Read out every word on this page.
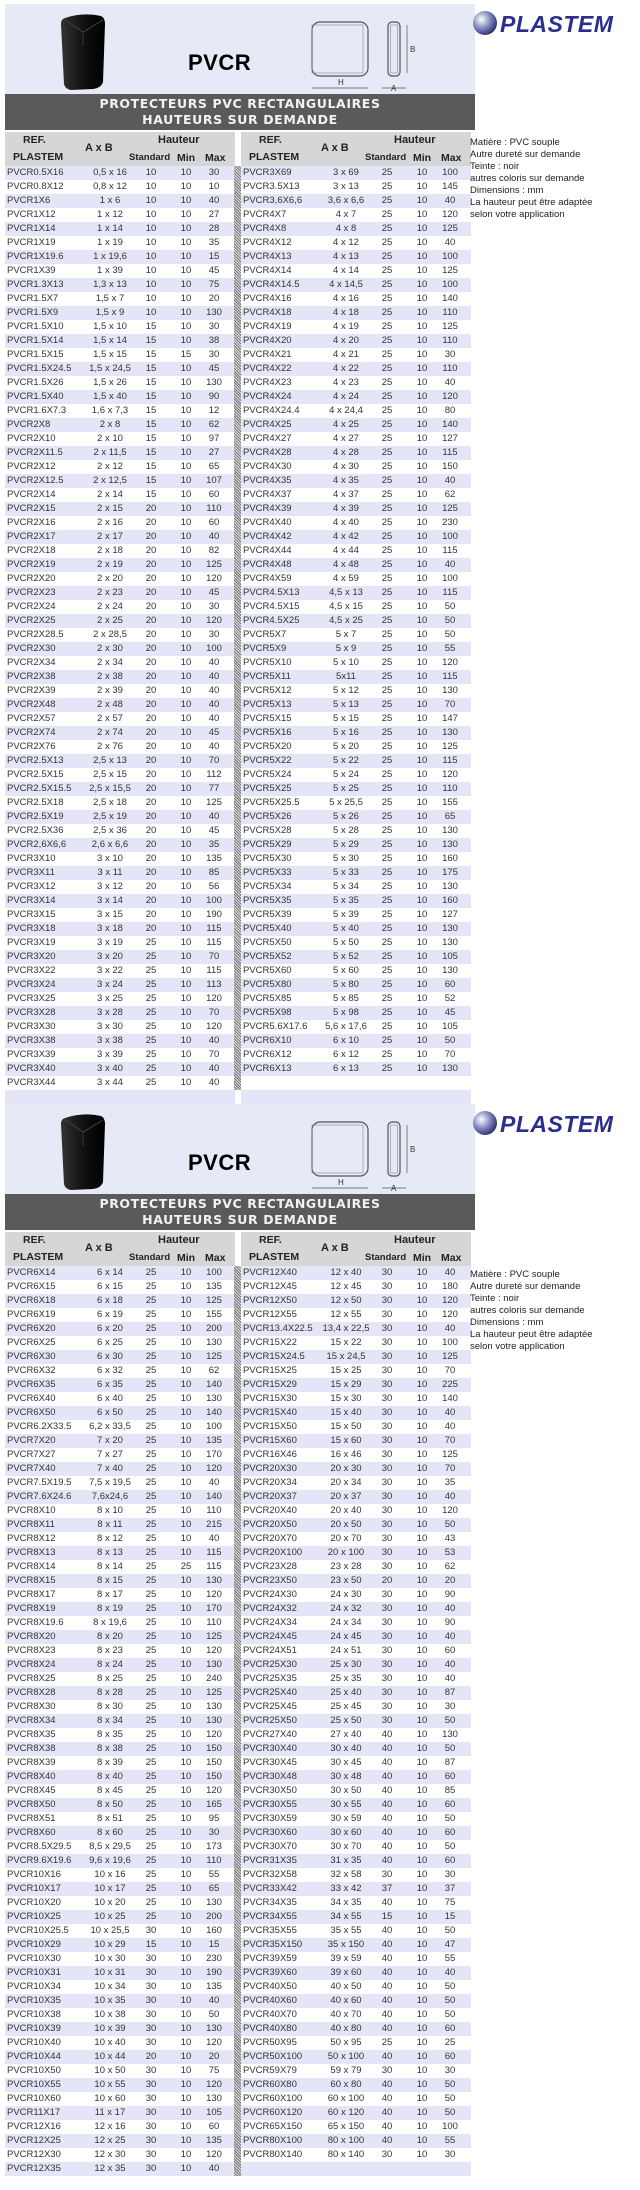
PVCR
H
B
A
PLASTEM
PROTECTEURS PVC RECTANGULAIRES
HAUTEURS SUR DEMANDE
REF.
PLASTEM
A x B
Hauteur
Standard Min Max
PVCR0.5X16	0,5 x 16	10	10	30
PVCR0.8X12	0,8 x 12	10	10	10
PVCR1X6	1 x 6	10	10	40
PVCR1X12	1 x 12	10	10	27
PVCR1X14	1 x 14	10	10	28
PVCR1X19	1 x 19	10	10	35
PVCR1X19.6	1 x 19,6	10	10	15
PVCR1X39	1 x 39	10	10	45
PVCR1.3X13	1,3 x 13	10	10	75
PVCR1.5X7	1,5 x 7	10	10	20
PVCR1.5X9	1,5 x 9	10	10	130
PVCR1.5X10	1,5 x 10	15	10	30
PVCR1.5X14	1,5 x 14	15	10	38
PVCR1.5X15	1,5 x 15	15	15	30
PVCR1.5X24.5	1,5 x 24,5	15	10	45
PVCR1.5X26	1,5 x 26	15	10	130
PVCR1.5X40	1,5 x 40	15	10	90
PVCR1.6X7.3	1,6 x 7,3	15	10	12
PVCR2X8	2 x 8	15	10	62
PVCR2X10	2 x 10	15	10	97
PVCR2X11.5	2 x 11,5	15	10	27
PVCR2X12	2 x 12	15	10	65
PVCR2X12.5	2 x 12,5	15	10	107
PVCR2X14	2 x 14	15	10	60
PVCR2X15	2 x 15	20	10	110
PVCR2X16	2 x 16	20	10	60
PVCR2X17	2 x 17	20	10	40
PVCR2X18	2 x 18	20	10	82
PVCR2X19	2 x 19	20	10	125
PVCR2X20	2 x 20	20	10	120
PVCR2X23	2 x 23	20	10	45
PVCR2X24	2 x 24	20	10	30
PVCR2X25	2 x 25	20	10	120
PVCR2X28.5	2 x 28,5	20	10	30
PVCR2X30	2 x 30	20	10	100
PVCR2X34	2 x 34	20	10	40
PVCR2X38	2 x 38	20	10	40
PVCR2X39	2 x 39	20	10	40
PVCR2X48	2 x 48	20	10	40
PVCR2X57	2 x 57	20	10	40
PVCR2X74	2 x 74	20	10	45
PVCR2X76	2 x 76	20	10	40
PVCR2.5X13	2,5 x 13	20	10	70
PVCR2.5X15	2,5 x 15	20	10	112
PVCR2.5X15.5	2,5 x 15,5	20	10	77
PVCR2.5X18	2,5 x 18	20	10	125
PVCR2.5X19	2,5 x 19	20	10	40
PVCR2.5X36	2,5 x 36	20	10	45
PVCR2,6X6,6	2,6 x 6,6	20	10	35
PVCR3X10	3 x 10	20	10	135
PVCR3X11	3 x 11	20	10	85
PVCR3X12	3 x 12	20	10	56
PVCR3X14	3 x 14	20	10	100
PVCR3X15	3 x 15	20	10	190
PVCR3X18	3 x 18	20	10	115
PVCR3X19	3 x 19	25	10	115
PVCR3X20	3 x 20	25	10	70
PVCR3X22	3 x 22	25	10	115
PVCR3X24	3 x 24	25	10	113
PVCR3X25	3 x 25	25	10	120
PVCR3X28	3 x 28	25	10	70
PVCR3X30	3 x 30	25	10	120
PVCR3X38	3 x 38	25	10	40
PVCR3X39	3 x 39	25	10	70
PVCR3X40	3 x 40	25	10	40
PVCR3X44	3 x 44	25	10	40
REF.
PLASTEM
A x B
Hauteur
Standard Min Max
PVCR3X69	3 x 69	25	10	100
PVCR3.5X13	3 x 13	25	10	145
PVCR3,6X6,6	3,6 x 6,6	25	10	40
PVCR4X7	4 x 7	25	10	120
PVCR4X8	4 x 8	25	10	125
PVCR4X12	4 x 12	25	10	40
PVCR4X13	4 x 13	25	10	100
PVCR4X14	4 x 14	25	10	125
PVCR4X14.5	4 x 14,5	25	10	100
PVCR4X16	4 x 16	25	10	140
PVCR4X18	4 x 18	25	10	110
PVCR4X19	4 x 19	25	10	125
PVCR4X20	4 x 20	25	10	110
PVCR4X21	4 x 21	25	10	30
PVCR4X22	4 x 22	25	10	110
PVCR4X23	4 x 23	25	10	40
PVCR4X24	4 x 24	25	10	120
PVCR4X24.4	4 x 24,4	25	10	80
PVCR4X25	4 x 25	25	10	140
PVCR4X27	4 x 27	25	10	127
PVCR4X28	4 x 28	25	10	115
PVCR4X30	4 x 30	25	10	150
PVCR4X35	4 x 35	25	10	40
PVCR4X37	4 x 37	25	10	62
PVCR4X39	4 x 39	25	10	125
PVCR4X40	4 x 40	25	10	230
PVCR4X42	4 x 42	25	10	100
PVCR4X44	4 x 44	25	10	115
PVCR4X48	4 x 48	25	10	40
PVCR4X59	4 x 59	25	10	100
PVCR4.5X13	4,5 x 13	25	10	115
PVCR4.5X15	4,5 x 15	25	10	50
PVCR4.5X25	4,5 x 25	25	10	50
PVCR5X7	5 x 7	25	10	50
PVCR5X9	5 x 9	25	10	55
PVCR5X10	5 x 10	25	10	120
PVCR5X11	5x11	25	10	115
PVCR5X12	5 x 12	25	10	130
PVCR5X13	5 x 13	25	10	70
PVCR5X15	5 x 15	25	10	147
PVCR5X16	5 x 16	25	10	130
PVCR5X20	5 x 20	25	10	125
PVCR5X22	5 x 22	25	10	115
PVCR5X24	5 x 24	25	10	120
PVCR5X25	5 x 25	25	10	110
PVCR5X25.5	5 x 25,5	25	10	155
PVCR5X26	5 x 26	25	10	65
PVCR5X28	5 x 28	25	10	130
PVCR5X29	5 x 29	25	10	130
PVCR5X30	5 x 30	25	10	160
PVCR5X33	5 x 33	25	10	175
PVCR5X34	5 x 34	25	10	130
PVCR5X35	5 x 35	25	10	160
PVCR5X39	5 x 39	25	10	127
PVCR5X40	5 x 40	25	10	130
PVCR5X50	5 x 50	25	10	130
PVCR5X52	5 x 52	25	10	105
PVCR5X60	5 x 60	25	10	130
PVCR5X80	5 x 80	25	10	60
PVCR5X85	5 x 85	25	10	52
PVCR5X98	5 x 98	25	10	45
PVCR5.6X17.6	5,6 x 17,6	25	10	105
PVCR6X10	6 x 10	25	10	50
PVCR6X12	6 x 12	25	10	70
PVCR6X13	6 x 13	25	10	130
Matière : PVC souple
Autre dureté sur demande
Teinte : noir
autres coloris sur demande
Dimensions : mm
La hauteur peut être adaptée
selon votre application
PVCR
H
B
A
PLASTEM
PROTECTEURS PVC RECTANGULAIRES
HAUTEURS SUR DEMANDE
REF.
PLASTEM
A x B
Hauteur
Standard Min Max
PVCR6X14	6 x 14	25	10	100
PVCR6X15	6 x 15	25	10	135
PVCR6X18	6 x 18	25	10	125
PVCR6X19	6 x 19	25	10	155
PVCR6X20	6 x 20	25	10	200
PVCR6X25	6 x 25	25	10	130
PVCR6X30	6 x 30	25	10	125
PVCR6X32	6 x 32	25	10	62
PVCR6X35	6 x 35	25	10	140
PVCR6X40	6 x 40	25	10	130
PVCR6X50	6 x 50	25	10	140
PVCR6.2X33.5	6,2 x 33,5	25	10	100
PVCR7X20	7 x 20	25	10	135
PVCR7X27	7 x 27	25	10	170
PVCR7X40	7 x 40	25	10	120
PVCR7.5X19.5	7,5 x 19,5	25	10	40
PVCR7.6X24.6	7,6x24,6	25	10	140
PVCR8X10	8 x 10	25	10	110
PVCR8X11	8 x 11	25	10	215
PVCR8X12	8 x 12	25	10	40
PVCR8X13	8 x 13	25	10	115
PVCR8X14	8 x 14	25	25	115
PVCR8X15	8 x 15	25	10	130
PVCR8X17	8 x 17	25	10	120
PVCR8X19	8 x 19	25	10	170
PVCR8X19.6	8 x 19,6	25	10	110
PVCR8X20	8 x 20	25	10	125
PVCR8X23	8 x 23	25	10	120
PVCR8X24	8 x 24	25	10	130
PVCR8X25	8 x 25	25	10	240
PVCR8X28	8 x 28	25	10	125
PVCR8X30	8 x 30	25	10	130
PVCR8X34	8 x 34	25	10	130
PVCR8X35	8 x 35	25	10	120
PVCR8X38	8 x 38	25	10	150
PVCR8X39	8 x 39	25	10	150
PVCR8X40	8 x 40	25	10	150
PVCR8X45	8 x 45	25	10	120
PVCR8X50	8 x 50	25	10	165
PVCR8X51	8 x 51	25	10	95
PVCR8X60	8 x 60	25	10	30
PVCR8.5X29.5	8,5 x 29,5	25	10	173
PVCR9.6X19.6	9,6 x 19,6	25	10	110
PVCR10X16	10 x 16	25	10	55
PVCR10X17	10 x 17	25	10	65
PVCR10X20	10 x 20	25	10	130
PVCR10X25	10 x 25	25	10	200
PVCR10X25.5	10 x 25,5	30	10	160
PVCR10X29	10 x 29	15	10	15
PVCR10X30	10 x 30	30	10	230
PVCR10X31	10 x 31	30	10	190
PVCR10X34	10 x 34	30	10	135
PVCR10X35	10 x 35	30	10	40
PVCR10X38	10 x 38	30	10	50
PVCR10X39	10 x 39	30	10	130
PVCR10X40	10 x 40	30	10	120
PVCR10X44	10 x 44	20	10	20
PVCR10X50	10 x 50	30	10	75
PVCR10X55	10 x 55	30	10	120
PVCR10X60	10 x 60	30	10	130
PVCR11X17	11 x 17	30	10	105
PVCR12X16	12 x 16	30	10	60
PVCR12X25	12 x 25	30	10	135
PVCR12X30	12 x 30	30	10	120
PVCR12X35	12 x 35	30	10	40
REF.
PLASTEM
A x B
Hauteur
Standard Min Max
PVCR12X40	12 x 40	30	10	40
PVCR12X45	12 x 45	30	10	180
PVCR12X50	12 x 50	30	10	120
PVCR12X55	12 x 55	30	10	120
PVCR13.4X22.5	13,4 x 22,5	30	10	40
PVCR15X22	15 x 22	30	10	100
PVCR15X24.5	15 x 24,5	30	10	125
PVCR15X25	15 x 25	30	10	70
PVCR15X29	15 x 29	30	10	225
PVCR15X30	15 x 30	30	10	140
PVCR15X40	15 x 40	30	10	40
PVCR15X50	15 x 50	30	10	40
PVCR15X60	15 x 60	30	10	70
PVCR16X46	16 x 46	30	10	125
PVCR20X30	20 x 30	30	10	70
PVCR20X34	20 x 34	30	10	35
PVCR20X37	20 x 37	30	10	40
PVCR20X40	20 x 40	30	10	120
PVCR20X50	20 x 50	30	10	50
PVCR20X70	20 x 70	30	10	43
PVCR20X100	20 x 100	30	10	53
PVCR23X28	23 x 28	30	10	62
PVCR23X50	23 x 50	20	10	20
PVCR24X30	24 x 30	30	10	90
PVCR24X32	24 x 32	30	10	40
PVCR24X34	24 x 34	30	10	90
PVCR24X45	24 x 45	30	10	40
PVCR24X51	24 x 51	30	10	60
PVCR25X30	25 x 30	30	10	40
PVCR25X35	25 x 35	30	10	40
PVCR25X40	25 x 40	30	10	87
PVCR25X45	25 x 45	30	10	30
PVCR25X50	25 x 50	30	10	50
PVCR27X40	27 x 40	40	10	130
PVCR30X40	30 x 40	40	10	50
PVCR30X45	30 x 45	40	10	87
PVCR30X48	30 x 48	40	10	60
PVCR30X50	30 x 50	40	10	85
PVCR30X55	30 x 55	40	10	60
PVCR30X59	30 x 59	40	10	50
PVCR30X60	30 x 60	40	10	60
PVCR30X70	30 x 70	40	10	50
PVCR31X35	31 x 35	40	10	60
PVCR32X58	32 x 58	30	10	30
PVCR33X42	33 x 42	37	10	37
PVCR34X35	34 x 35	40	10	75
PVCR34X55	34 x 55	15	10	15
PVCR35X55	35 x 55	40	10	50
PVCR35X150	35 x 150	40	10	47
PVCR39X59	39 x 59	40	10	55
PVCR39X60	39 x 60	40	10	40
PVCR40X50	40 x 50	40	10	50
PVCR40X60	40 x 60	40	10	50
PVCR40X70	40 x 70	40	10	50
PVCR40X80	40 x 80	40	10	60
PVCR50X95	50 x 95	25	10	25
PVCR50X100	50 x 100	40	10	60
PVCR59X79	59 x 79	30	10	30
PVCR60X80	60 x 80	40	10	50
PVCR60X100	60 x 100	40	10	50
PVCR60X120	60 x 120	40	10	50
PVCR65X150	65 x 150	40	10	100
PVCR80X100	80 x 100	40	10	55
PVCR80X140	80 x 140	30	10	30
Matière : PVC souple
Autre dureté sur demande
Teinte : noir
autres coloris sur demande
Dimensions : mm
La hauteur peut être adaptée
selon votre application
